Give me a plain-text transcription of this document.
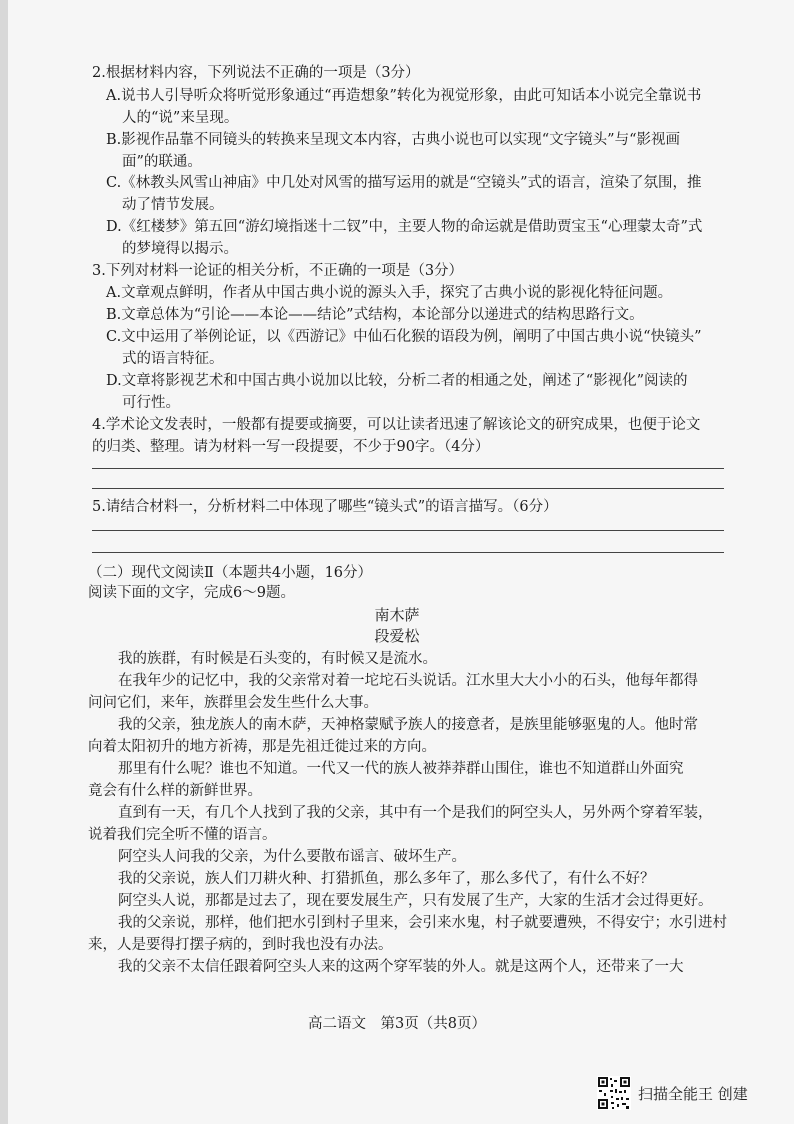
2.根据材料内容，下列说法不正确的一项是（3分）
A.说书人引导听众将听觉形象通过“再造想象”转化为视觉形象，由此可知话本小说完全靠说书
人的“说”来呈现。
B.影视作品靠不同镜头的转换来呈现文本内容，古典小说也可以实现“文字镜头”与“影视画
面”的联通。
C.《林教头风雪山神庙》中几处对风雪的描写运用的就是“空镜头”式的语言，渲染了氛围，推
动了情节发展。
D.《红楼梦》第五回“游幻境指迷十二钗”中，主要人物的命运就是借助贾宝玉“心理蒙太奇”式
的梦境得以揭示。
3.下列对材料一论证的相关分析，不正确的一项是（3分）
A.文章观点鲜明，作者从中国古典小说的源头入手，探究了古典小说的影视化特征问题。
B.文章总体为“引论——本论——结论”式结构，本论部分以递进式的结构思路行文。
C.文中运用了举例论证，以《西游记》中仙石化猴的语段为例，阐明了中国古典小说“快镜头”
式的语言特征。
D.文章将影视艺术和中国古典小说加以比较，分析二者的相通之处，阐述了“影视化”阅读的
可行性。
4.学术论文发表时，一般都有提要或摘要，可以让读者迅速了解该论文的研究成果，也便于论文
的归类、整理。请为材料一写一段提要，不少于90字。（4分）
5.请结合材料一，分析材料二中体现了哪些“镜头式”的语言描写。（6分）
（二）现代文阅读Ⅱ（本题共4小题，16分）
阅读下面的文字，完成6～9题。
南木萨
段爱松
我的族群，有时候是石头变的，有时候又是流水。
在我年少的记忆中，我的父亲常对着一坨坨石头说话。江水里大大小小的石头，他每年都得
问问它们，来年，族群里会发生些什么大事。
我的父亲，独龙族人的南木萨，天神格蒙赋予族人的接意者，是族里能够驱鬼的人。他时常
向着太阳初升的地方祈祷，那是先祖迁徙过来的方向。
那里有什么呢？谁也不知道。一代又一代的族人被莽莽群山围住，谁也不知道群山外面究
竟会有什么样的新鲜世界。
直到有一天，有几个人找到了我的父亲，其中有一个是我们的阿空头人，另外两个穿着军装，
说着我们完全听不懂的语言。
阿空头人问我的父亲，为什么要散布谣言、破坏生产。
我的父亲说，族人们刀耕火种、打猎抓鱼，那么多年了，那么多代了，有什么不好？
阿空头人说，那都是过去了，现在要发展生产，只有发展了生产，大家的生活才会过得更好。
我的父亲说，那样，他们把水引到村子里来，会引来水鬼，村子就要遭殃，不得安宁；水引进村
来，人是要得打摆子病的，到时我也没有办法。
我的父亲不太信任跟着阿空头人来的这两个穿军装的外人。就是这两个人，还带来了一大
高二语文　第3页（共8页）
扫描全能王 创建
